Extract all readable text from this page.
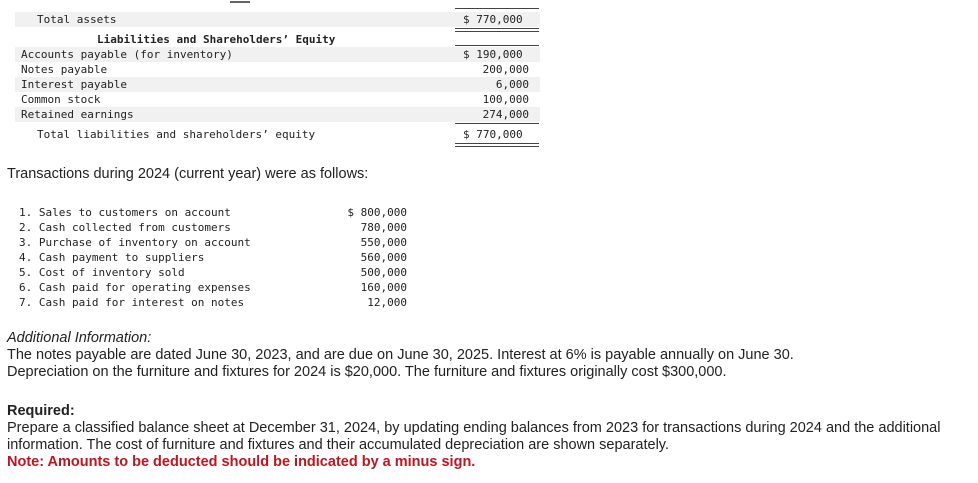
Total assets	$ 770,000
Liabilities and Shareholders’ Equity
Accounts payable (for inventory)	$ 190,000
Notes payable	200,000
Interest payable	6,000
Common stock	100,000
Retained earnings	274,000
Total liabilities and shareholders’ equity	$ 770,000
Transactions during 2024 (current year) were as follows:
1. Sales to customers on account	$ 800,000
2. Cash collected from customers	780,000
3. Purchase of inventory on account	550,000
4. Cash payment to suppliers	560,000
5. Cost of inventory sold	500,000
6. Cash paid for operating expenses	160,000
7. Cash paid for interest on notes	12,000
Additional Information:
The notes payable are dated June 30, 2023, and are due on June 30, 2025. Interest at 6% is payable annually on June 30.
Depreciation on the furniture and fixtures for 2024 is $20,000. The furniture and fixtures originally cost $300,000.
Required:
Prepare a classified balance sheet at December 31, 2024, by updating ending balances from 2023 for transactions during 2024 and the additional information. The cost of furniture and fixtures and their accumulated depreciation are shown separately.
Note: Amounts to be deducted should be indicated by a minus sign.
